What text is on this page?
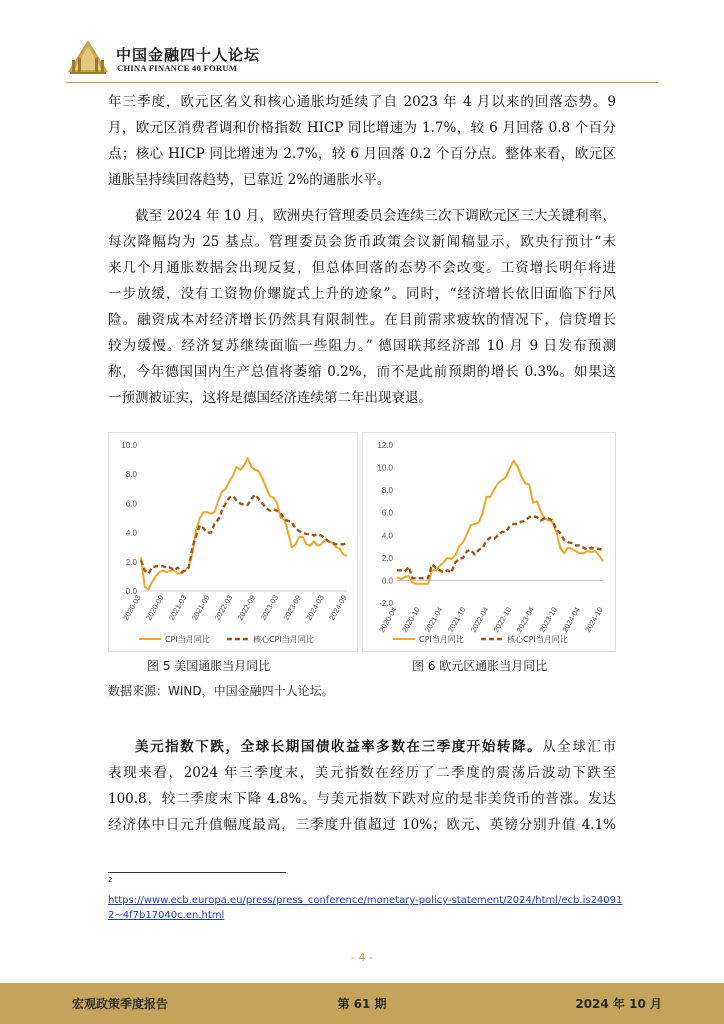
中国金融四十人论坛
CHINA FINANCE 40 FORUM

年三季度，欧元区名义和核心通胀均延续了自 2023 年 4 月以来的回落态势。9

月，欧元区消费者调和价格指数 HICP 同比增速为 1.7%，较 6 月回落 0.8 个百分

点；核心 HICP 同比增速为 2.7%，较 6 月回落 0.2 个百分点。整体来看，欧元区

通胀呈持续回落趋势，已靠近 2%的通胀水平。

截至 2024 年 10 月，欧洲央行管理委员会连续三次下调欧元区三大关键利率，

每次降幅均为 25 基点。管理委员会货币政策会议新闻稿显示，欧央行预计“未

来几个月通胀数据会出现反复，但总体回落的态势不会改变。工资增长明年将进

一步放缓，没有工资物价螺旋式上升的迹象”。同时，“经济增长依旧面临下行风

险。融资成本对经济增长仍然具有限制性。在目前需求疲软的情况下，信贷增长

较为缓慢。经济复苏继续面临一些阻力。” 德国联邦经济部 10 月 9 日发布预测

称，今年德国国内生产总值将萎缩 0.2%，而不是此前预期的增长 0.3%。如果这

一预测被证实，这将是德国经济连续第二年出现衰退。

0.0
2.0
4.0
6.0
8.0
10.0
2020-03 2020-09 2021-03 2021-09 2022-03 2022-09 2023-03 2023-09 2024-03 2024-09
CPI当月同比	核心CPI当月同比
-2.0
0.0
2.0
4.0
6.0
8.0
10.0
12.0
2020-04 2020-10 2021-04 2021-10 2022-04 2022-10 2023-04 2023-10 2024-04 2024-10
CPI当月同比	核心CPI当月同比
图 5 美国通胀当月同比	图 6 欧元区通胀当月同比
数据来源：WIND，中国金融四十人论坛。

美元指数下跌，全球长期国债收益率多数在三季度开始转降。从全球汇市

表现来看，2024 年三季度末，美元指数在经历了二季度的震荡后波动下跌至

100.8，较二季度末下降 4.8%。与美元指数下跌对应的是非美货币的普涨。发达

经济体中日元升值幅度最高，三季度升值超过 10%；欧元、英镑分别升值 4.1%

2
https://www.ecb.europa.eu/press/press_conference/monetary-policy-statement/2024/html/ecb.is240912~4f7b17040c.en.html
- 4 -
宏观政策季度报告	第 61 期	2024 年 10 月
